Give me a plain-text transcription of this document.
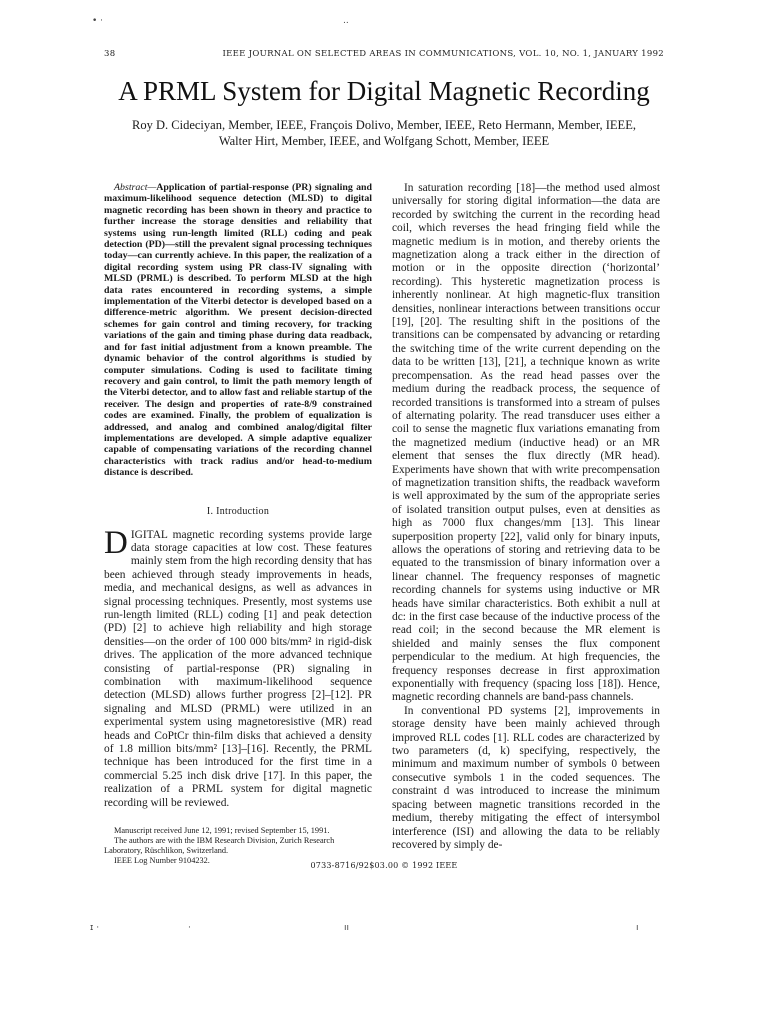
• ·	..
38	IEEE JOURNAL ON SELECTED AREAS IN COMMUNICATIONS, VOL. 10, NO. 1, JANUARY 1992
A PRML System for Digital Magnetic Recording
Roy D. Cideciyan, Member, IEEE, François Dolivo, Member, IEEE, Reto Hermann, Member, IEEE,
Walter Hirt, Member, IEEE, and Wolfgang Schott, Member, IEEE

Abstract—Application of partial-response (PR) signaling and maximum-likelihood sequence detection (MLSD) to digital magnetic recording has been shown in theory and practice to further increase the storage densities and reliability that systems using run-length limited (RLL) coding and peak detection (PD)—still the prevalent signal processing techniques today—can currently achieve. In this paper, the realization of a digital recording system using PR class-IV signaling with MLSD (PRML) is described. To perform MLSD at the high data rates encountered in recording systems, a simple implementation of the Viterbi detector is developed based on a difference-metric algorithm. We present decision-directed schemes for gain control and timing recovery, for tracking variations of the gain and timing phase during data readback, and for fast initial adjustment from a known preamble. The dynamic behavior of the control algorithms is studied by computer simulations. Coding is used to facilitate timing recovery and gain control, to limit the path memory length of the Viterbi detector, and to allow fast and reliable startup of the receiver. The design and properties of rate-8/9 constrained codes are examined. Finally, the problem of equalization is addressed, and analog and combined analog/digital filter implementations are developed. A simple adaptive equalizer capable of compensating variations of the recording channel characteristics with track radius and/or head-to-medium distance is described.

I. Introduction

DIGITAL magnetic recording systems provide large data storage capacities at low cost. These features mainly stem from the high recording density that has been achieved through steady improvements in heads, media, and mechanical designs, as well as advances in signal processing techniques. Presently, most systems use run-length limited (RLL) coding [1] and peak detection (PD) [2] to achieve high reliability and high storage densities—on the order of 100 000 bits/mm² in rigid-disk drives. The application of the more advanced technique consisting of partial-response (PR) signaling in combination with maximum-likelihood sequence detection (MLSD) allows further progress [2]–[12]. PR signaling and MLSD (PRML) were utilized in an experimental system using magnetoresistive (MR) read heads and CoPtCr thin-film disks that achieved a density of 1.8 million bits/mm² [13]–[16]. Recently, the PRML technique has been introduced for the first time in a commercial 5.25 inch disk drive [17]. In this paper, the realization of a PRML system for digital magnetic recording will be reviewed.

Manuscript received June 12, 1991; revised September 15, 1991.

The authors are with the IBM Research Division, Zurich Research Laboratory, Rüschlikon, Switzerland.

IEEE Log Number 9104232.

In saturation recording [18]—the method used almost universally for storing digital information—the data are recorded by switching the current in the recording head coil, which reverses the head fringing field while the magnetic medium is in motion, and thereby orients the magnetization along a track either in the direction of motion or in the opposite direction (‘horizontal’ recording). This hysteretic magnetization process is inherently nonlinear. At high magnetic-flux transition densities, nonlinear interactions between transitions occur [19], [20]. The resulting shift in the positions of the transitions can be compensated by advancing or retarding the switching time of the write current depending on the data to be written [13], [21], a technique known as write precompensation. As the read head passes over the medium during the readback process, the sequence of recorded transitions is transformed into a stream of pulses of alternating polarity. The read transducer uses either a coil to sense the magnetic flux variations emanating from the magnetized medium (inductive head) or an MR element that senses the flux directly (MR head). Experiments have shown that with write precompensation of magnetization transition shifts, the readback waveform is well approximated by the sum of the appropriate series of isolated transition output pulses, even at densities as high as 7000 flux changes/mm [13]. This linear superposition property [22], valid only for binary inputs, allows the operations of storing and retrieving data to be equated to the transmission of binary information over a linear channel. The frequency responses of magnetic recording channels for systems using inductive or MR heads have similar characteristics. Both exhibit a null at dc: in the first case because of the inductive process of the read coil; in the second because the MR element is shielded and mainly senses the flux component perpendicular to the medium. At high frequencies, the frequency responses decrease in first approximation exponentially with frequency (spacing loss [18]). Hence, magnetic recording channels are band-pass channels.

In conventional PD systems [2], improvements in storage density have been mainly achieved through improved RLL codes [1]. RLL codes are characterized by two parameters (d, k) specifying, respectively, the minimum and maximum number of symbols 0 between consecutive symbols 1 in the coded sequences. The constraint d was introduced to increase the minimum spacing between magnetic transitions recorded in the medium, thereby mitigating the effect of intersymbol interference (ISI) and allowing the data to be reliably recovered by simply de-

0733-8716/92$03.00 © 1992 IEEE
ɪ ·	·	ıı	ı
